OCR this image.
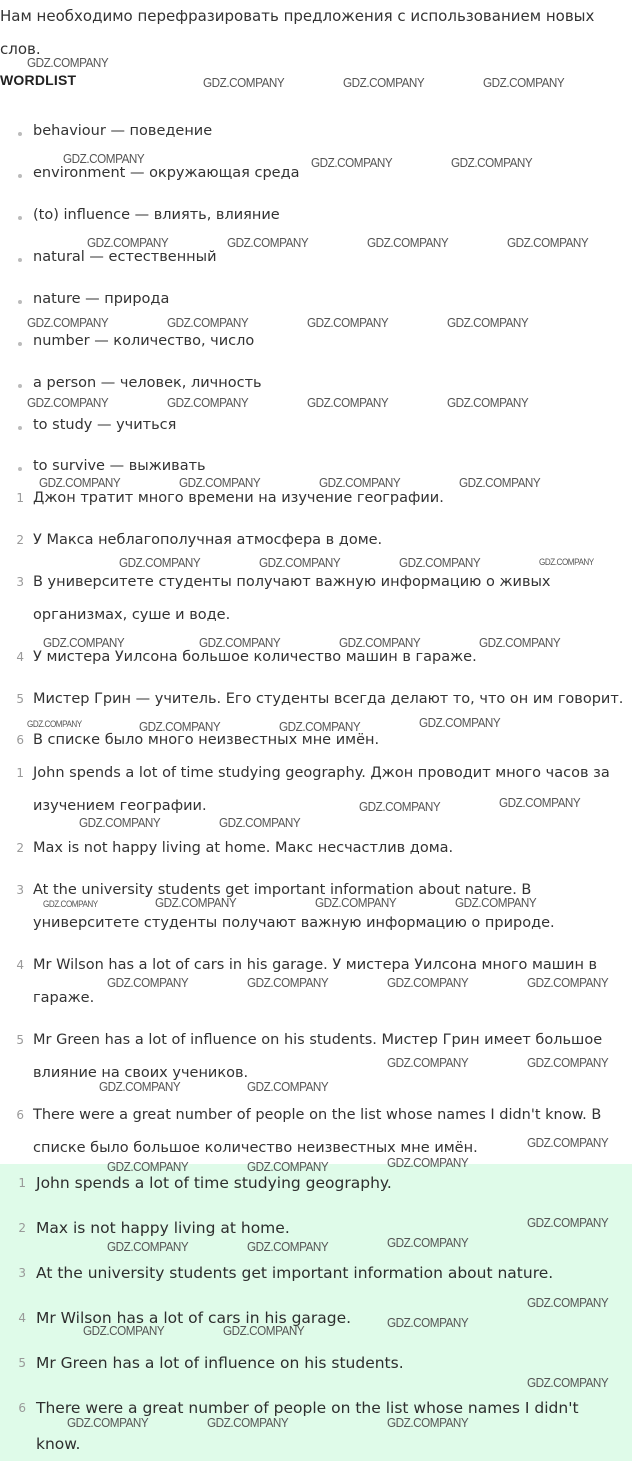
Нам необходимо перефразировать предложения с использованием новых слов.

WORDLIST
behaviour — поведение
environment — окружающая среда
(to) influence — влиять, влияние
natural — естественный
nature — природа
number — количество, число
a person — человек, личность
to study — учиться
to survive — выживать
1 Джон тратит много времени на изучение географии.
2 У Макса неблагополучная атмосфера в доме.
3 В университете студенты получают важную информацию о живых организмах, суше и воде.
4 У мистера Уилсона большое количество машин в гараже.
5 Мистер Грин — учитель. Его студенты всегда делают то, что он им говорит.
6 В списке было много неизвестных мне имён.
1 John spends a lot of time studying geography. Джон проводит много часов за изучением географии.
2 Max is not happy living at home. Макс несчастлив дома.
3 At the university students get important information about nature. В университете студенты получают важную информацию о природе.
4 Mr Wilson has a lot of cars in his garage. У мистера Уилсона много машин в гараже.
5 Mr Green has a lot of influence on his students. Мистер Грин имеет большое влияние на своих учеников.
6 There were a great number of people on the list whose names I didn't know. В списке было большое количество неизвестных мне имён.
1 John spends a lot of time studying geography.
2 Max is not happy living at home.
3 At the university students get important information about nature.
4 Mr Wilson has a lot of cars in his garage.
5 Mr Green has a lot of influence on his students.
6 There were a great number of people on the list whose names I didn't know.
GDZ.COMPANY
GDZ.COMPANY	GDZ.COMPANY	GDZ.COMPANY
GDZ.COMPANY	GDZ.COMPANY	GDZ.COMPANY
GDZ.COMPANY	GDZ.COMPANY	GDZ.COMPANY	GDZ.COMPANY
GDZ.COMPANY	GDZ.COMPANY	GDZ.COMPANY	GDZ.COMPANY
GDZ.COMPANY	GDZ.COMPANY	GDZ.COMPANY	GDZ.COMPANY
GDZ.COMPANY	GDZ.COMPANY	GDZ.COMPANY	GDZ.COMPANY
GDZ.COMPANY	GDZ.COMPANY	GDZ.COMPANY	GDZ.COMPANY
GDZ.COMPANY	GDZ.COMPANY	GDZ.COMPANY	GDZ.COMPANY
GDZ.COMPANY	GDZ.COMPANY	GDZ.COMPANY	GDZ.COMPANY
GDZ.COMPANY	GDZ.COMPANY
GDZ.COMPANY	GDZ.COMPANY
GDZ.COMPANY	GDZ.COMPANY	GDZ.COMPANY	GDZ.COMPANY
GDZ.COMPANY	GDZ.COMPANY	GDZ.COMPANY	GDZ.COMPANY
GDZ.COMPANY	GDZ.COMPANY
GDZ.COMPANY	GDZ.COMPANY
GDZ.COMPANY
GDZ.COMPANY	GDZ.COMPANY	GDZ.COMPANY
GDZ.COMPANY
GDZ.COMPANY	GDZ.COMPANY	GDZ.COMPANY
GDZ.COMPANY
GDZ.COMPANY	GDZ.COMPANY
GDZ.COMPANY
GDZ.COMPANY
GDZ.COMPANY	GDZ.COMPANY	GDZ.COMPANY
